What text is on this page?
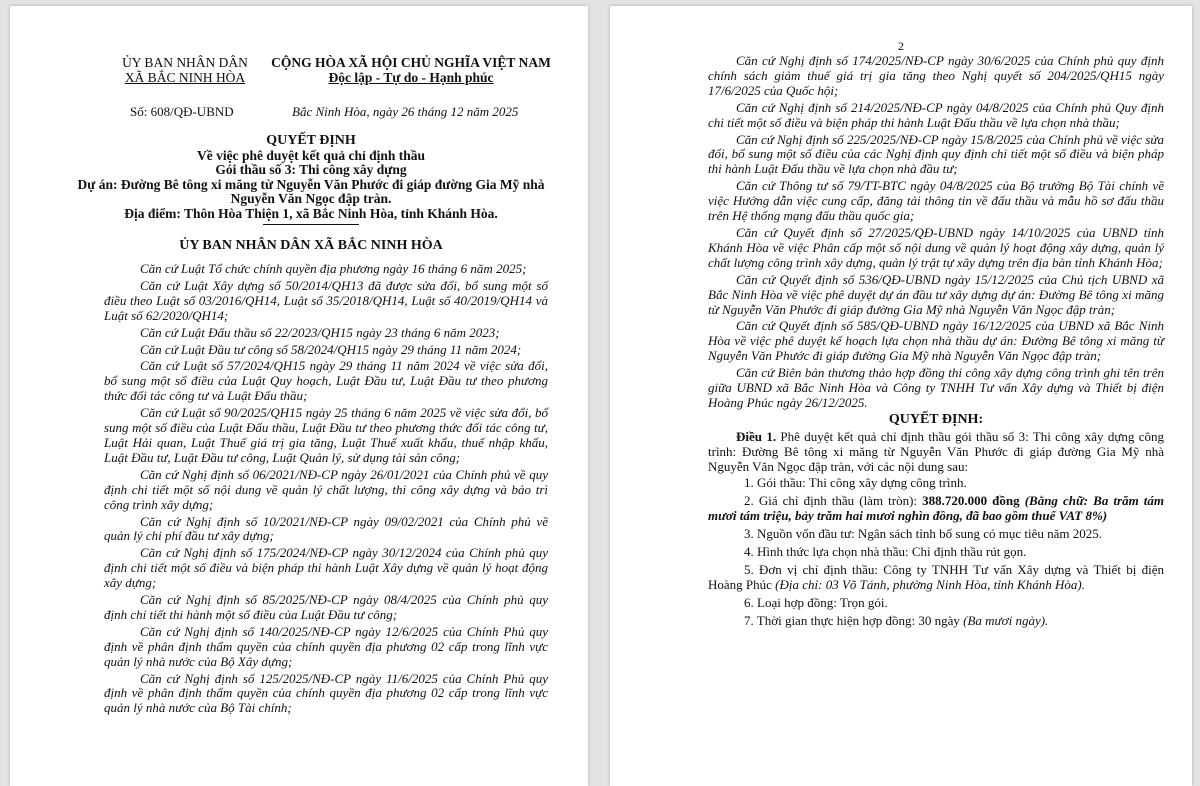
ỦY BAN NHÂN DÂN
XÃ BẮC NINH HÒA
CỘNG HÒA XÃ HỘI CHỦ NGHĨA VIỆT NAM
Độc lập - Tự do - Hạnh phúc
Số: 608/QĐ-UBND	Bắc Ninh Hòa, ngày 26 tháng 12 năm 2025
QUYẾT ĐỊNH
Về việc phê duyệt kết quả chỉ định thầu
Gói thầu số 3: Thi công xây dựng
Dự án: Đường Bê tông xi măng từ Nguyễn Văn Phước đi giáp đường Gia Mỹ nhà Nguyễn Văn Ngọc đập tràn.
Địa điểm: Thôn Hòa Thiện 1, xã Bắc Ninh Hòa, tỉnh Khánh Hòa.
ỦY BAN NHÂN DÂN XÃ BẮC NINH HÒA

Căn cứ Luật Tổ chức chính quyền địa phương ngày 16 tháng 6 năm 2025;

Căn cứ Luật Xây dựng số 50/2014/QH13 đã được sửa đổi, bổ sung một số điều theo Luật số 03/2016/QH14, Luật số 35/2018/QH14, Luật số 40/2019/QH14 và Luật số 62/2020/QH14;

Căn cứ Luật Đấu thầu số 22/2023/QH15 ngày 23 tháng 6 năm 2023;

Căn cứ Luật Đầu tư công số 58/2024/QH15 ngày 29 tháng 11 năm 2024;

Căn cứ Luật số 57/2024/QH15 ngày 29 tháng 11 năm 2024 về việc sửa đổi, bổ sung một số điều của Luật Quy hoạch, Luật Đầu tư, Luật Đầu tư theo phương thức đối tác công tư và Luật Đấu thầu;

Căn cứ Luật số 90/2025/QH15 ngày 25 tháng 6 năm 2025 về việc sửa đổi, bổ sung một số điều của Luật Đấu thầu, Luật Đầu tư theo phương thức đối tác công tư, Luật Hải quan, Luật Thuế giá trị gia tăng, Luật Thuế xuất khẩu, thuế nhập khẩu, Luật Đầu tư, Luật Đầu tư công, Luật Quản lý, sử dụng tài sản công;

Căn cứ Nghị định số 06/2021/NĐ-CP ngày 26/01/2021 của Chính phủ về quy định chi tiết một số nội dung về quản lý chất lượng, thi công xây dựng và bảo trì công trình xây dựng;

Căn cứ Nghị định số 10/2021/NĐ-CP ngày 09/02/2021 của Chính phủ về quản lý chi phí đầu tư xây dựng;

Căn cứ Nghị định số 175/2024/NĐ-CP ngày 30/12/2024 của Chính phủ quy định chi tiết một số điều và biện pháp thi hành Luật Xây dựng về quản lý hoạt động xây dựng;

Căn cứ Nghị định số 85/2025/NĐ-CP ngày 08/4/2025 của Chính phủ quy định chi tiết thi hành một số điều của Luật Đầu tư công;

Căn cứ Nghị định số 140/2025/NĐ-CP ngày 12/6/2025 của Chính Phủ quy định về phân định thẩm quyền của chính quyền địa phương 02 cấp trong lĩnh vực quản lý nhà nước của Bộ Xây dựng;

Căn cứ Nghị định số 125/2025/NĐ-CP ngày 11/6/2025 của Chính Phủ quy định về phân định thẩm quyền của chính quyền địa phương 02 cấp trong lĩnh vực quản lý nhà nước của Bộ Tài chính;

2

Căn cứ Nghị định số 174/2025/NĐ-CP ngày 30/6/2025 của Chính phủ quy định chính sách giảm thuế giá trị gia tăng theo Nghị quyết số 204/2025/QH15 ngày 17/6/2025 của Quốc hội;

Căn cứ Nghị định số 214/2025/NĐ-CP ngày 04/8/2025 của Chính phủ Quy định chi tiết một số điều và biện pháp thi hành Luật Đấu thầu về lựa chọn nhà thầu;

Căn cứ Nghị định số 225/2025/NĐ-CP ngày 15/8/2025 của Chính phủ về việc sửa đổi, bổ sung một số điều của các Nghị định quy định chi tiết một số điều và biện pháp thi hành Luật Đấu thầu về lựa chọn nhà đầu tư;

Căn cứ Thông tư số 79/TT-BTC ngày 04/8/2025 của Bộ trưởng Bộ Tài chính về việc Hướng dẫn việc cung cấp, đăng tải thông tin về đấu thầu và mẫu hồ sơ đấu thầu trên Hệ thống mạng đấu thầu quốc gia;

Căn cứ Quyết định số 27/2025/QĐ-UBND ngày 14/10/2025 của UBND tỉnh Khánh Hòa về việc Phân cấp một số nội dung về quản lý hoạt động xây dựng, quản lý chất lượng công trình xây dựng, quản lý trật tự xây dựng trên địa bàn tỉnh Khánh Hòa;

Căn cứ Quyết định số 536/QĐ-UBND ngày 15/12/2025 của Chủ tịch UBND xã Bắc Ninh Hòa về việc phê duyệt dự án đầu tư xây dựng dự án: Đường Bê tông xi măng từ Nguyễn Văn Phước đi giáp đường Gia Mỹ nhà Nguyễn Văn Ngọc đập tràn;

Căn cứ Quyết định số 585/QĐ-UBND ngày 16/12/2025 của UBND xã Bắc Ninh Hòa về việc phê duyệt kế hoạch lựa chọn nhà thầu dự án: Đường Bê tông xi măng từ Nguyễn Văn Phước đi giáp đường Gia Mỹ nhà Nguyễn Văn Ngọc đập tràn;

Căn cứ Biên bản thương thảo hợp đồng thi công xây dựng công trình ghi tên trên giữa UBND xã Bắc Ninh Hòa và Công ty TNHH Tư vấn Xây dựng và Thiết bị điện Hoàng Phúc ngày 26/12/2025.

QUYẾT ĐỊNH:

Điều 1. Phê duyệt kết quả chỉ định thầu gói thầu số 3: Thi công xây dựng công trình: Đường Bê tông xi măng từ Nguyễn Văn Phước đi giáp đường Gia Mỹ nhà Nguyễn Văn Ngọc đập tràn, với các nội dung sau:

1. Gói thầu: Thi công xây dựng công trình.

2. Giá chỉ định thầu (làm tròn): 388.720.000 đồng (Bằng chữ: Ba trăm tám mươi tám triệu, bảy trăm hai mươi nghìn đồng, đã bao gồm thuế VAT 8%)

3. Nguồn vốn đầu tư: Ngân sách tỉnh bổ sung có mục tiêu năm 2025.

4. Hình thức lựa chọn nhà thầu: Chỉ định thầu rút gọn.

5. Đơn vị chỉ định thầu: Công ty TNHH Tư vấn Xây dựng và Thiết bị điện Hoàng Phúc (Địa chỉ: 03 Võ Tánh, phường Ninh Hòa, tỉnh Khánh Hòa).

6. Loại hợp đồng: Trọn gói.

7. Thời gian thực hiện hợp đồng: 30 ngày (Ba mươi ngày).
